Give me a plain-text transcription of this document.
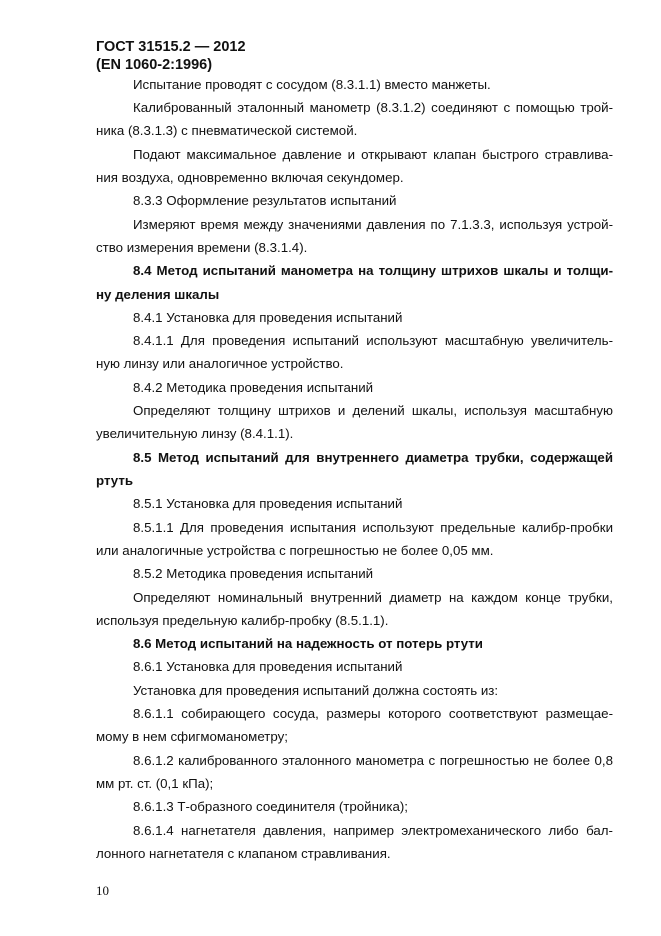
ГОСТ 31515.2 — 2012
(EN 1060-2:1996)
Испытание проводят с сосудом (8.3.1.1) вместо манжеты.
Калиброванный эталонный манометр (8.3.1.2) соединяют с помощью трой-
ника (8.3.1.3) с пневматической системой.
Подают максимальное давление и открывают клапан быстрого стравлива-
ния воздуха, одновременно включая секундомер.
8.3.3 Оформление результатов испытаний
Измеряют время между значениями давления по 7.1.3.3, используя устрой-
ство измерения времени (8.3.1.4).
8.4 Метод испытаний манометра на толщину штрихов шкалы и толщи-
ну деления шкалы
8.4.1 Установка для проведения испытаний
8.4.1.1 Для проведения испытаний используют масштабную увеличитель-
ную линзу или аналогичное устройство.
8.4.2 Методика проведения испытаний
Определяют толщину штрихов и делений шкалы, используя масштабную
увеличительную линзу (8.4.1.1).
8.5 Метод испытаний для внутреннего диаметра трубки, содержащей
ртуть
8.5.1 Установка для проведения испытаний
8.5.1.1 Для проведения испытания используют предельные калибр-пробки
или аналогичные устройства с погрешностью не более 0,05 мм.
8.5.2 Методика проведения испытаний
Определяют номинальный внутренний диаметр на каждом конце трубки,
используя предельную калибр-пробку (8.5.1.1).
8.6 Метод испытаний на надежность от потерь ртути
8.6.1 Установка для проведения испытаний
Установка для проведения испытаний должна состоять из:
8.6.1.1 собирающего сосуда, размеры которого соответствуют размещае-
мому в нем сфигмоманометру;
8.6.1.2 калиброванного эталонного манометра с погрешностью не более 0,8
мм рт. ст. (0,1 кПа);
8.6.1.3 Т-образного соединителя (тройника);
8.6.1.4 нагнетателя давления, например электромеханического либо бал-
лонного нагнетателя с клапаном стравливания.
10
